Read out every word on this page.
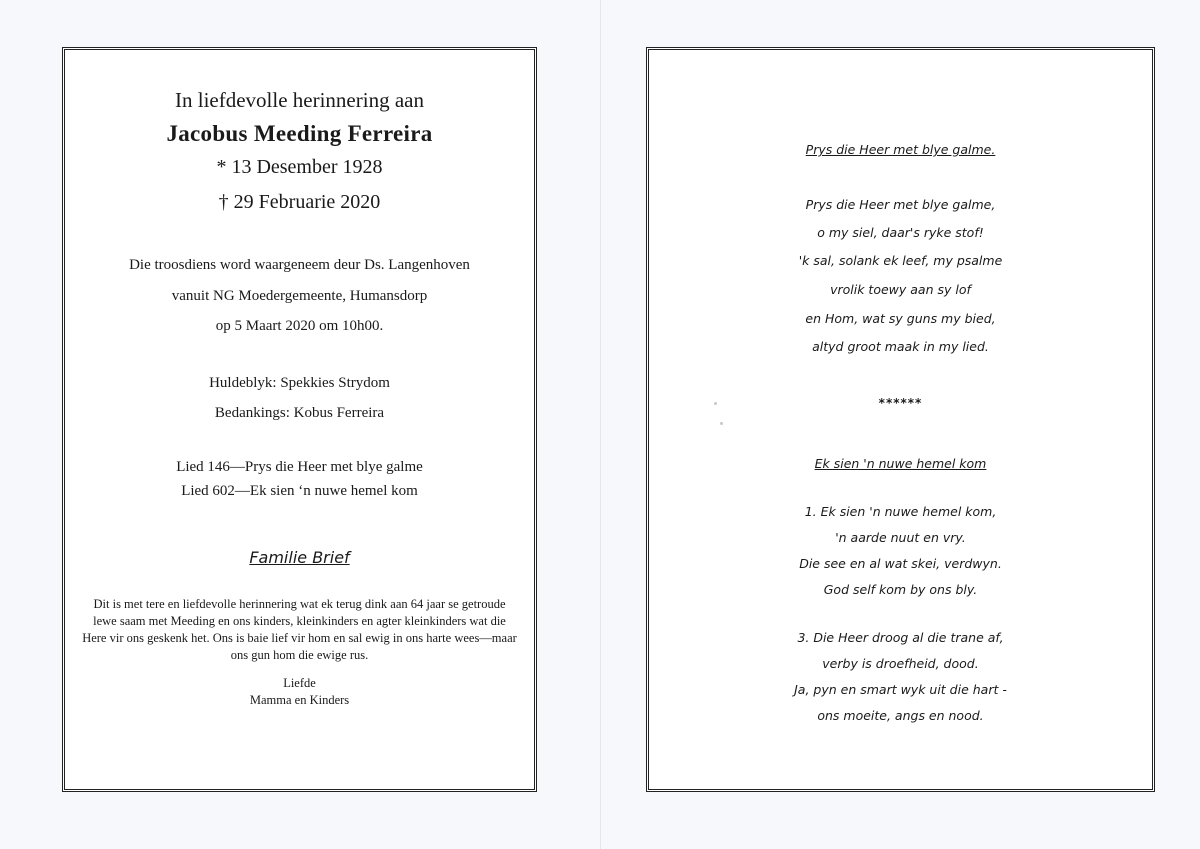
In liefdevolle herinnering aan
Jacobus Meeding Ferreira
* 13 Desember 1928
† 29 Februarie 2020
Die troosdiens word waargeneem deur Ds. Langenhoven
vanuit NG Moedergemeente, Humansdorp
op 5 Maart 2020 om 10h00.
Huldeblyk: Spekkies Strydom
Bedankings: Kobus Ferreira
Lied 146—Prys die Heer met blye galme
Lied 602—Ek sien ‘n nuwe hemel kom
Familie Brief
Dit is met tere en liefdevolle herinnering wat ek terug dink aan 64 jaar se getroude
lewe saam met Meeding en ons kinders, kleinkinders en agter kleinkinders wat die
Here vir ons geskenk het. Ons is baie lief vir hom en sal ewig in ons harte wees—maar
ons gun hom die ewige rus.
Liefde
Mamma en Kinders
Prys die Heer met blye galme.
Prys die Heer met blye galme,
o my siel, daar's ryke stof!
'k sal, solank ek leef, my psalme
vrolik toewy aan sy lof
en Hom, wat sy guns my bied,
altyd groot maak in my lied.
******
Ek sien 'n nuwe hemel kom
1. Ek sien 'n nuwe hemel kom,
'n aarde nuut en vry.
Die see en al wat skei, verdwyn.
God self kom by ons bly.
3. Die Heer droog al die trane af,
verby is droefheid, dood.
Ja, pyn en smart wyk uit die hart -
ons moeite, angs en nood.
